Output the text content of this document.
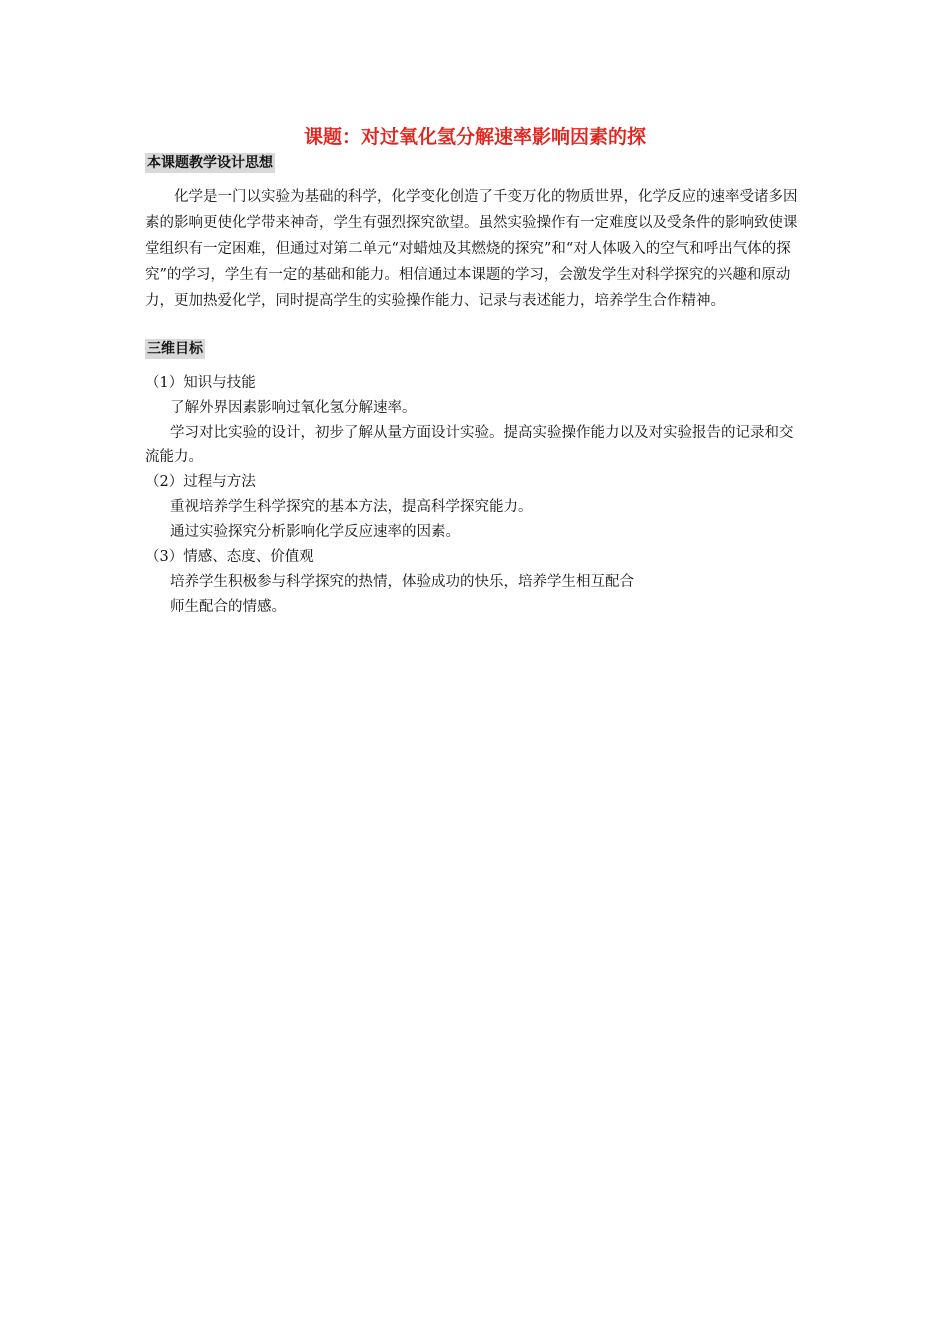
课题：对过氧化氢分解速率影响因素的探
本课题教学设计思想

化学是一门以实验为基础的科学，化学变化创造了千变万化的物质世界，化学反应的速率受诸多因素的影响更使化学带来神奇，学生有强烈探究欲望。虽然实验操作有一定难度以及受条件的影响致使课堂组织有一定困难，但通过对第二单元“对蜡烛及其燃烧的探究”和“对人体吸入的空气和呼出气体的探究”的学习，学生有一定的基础和能力。相信通过本课题的学习，会激发学生对科学探究的兴趣和原动力，更加热爱化学，同时提高学生的实验操作能力、记录与表述能力，培养学生合作精神。

三维目标

（1）知识与技能

了解外界因素影响过氧化氢分解速率。

学习对比实验的设计，初步了解从量方面设计实验。提高实验操作能力以及对实验报告的记录和交流能力。

（2）过程与方法

重视培养学生科学探究的基本方法，提高科学探究能力。

通过实验探究分析影响化学反应速率的因素。

（3）情感、态度、价值观

培养学生积极参与科学探究的热情，体验成功的快乐，培养学生相互配合

师生配合的情感。
